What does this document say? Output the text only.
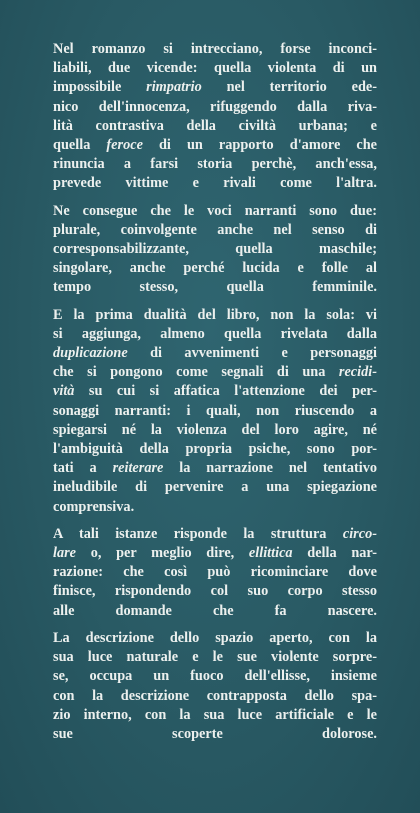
Nel romanzo si intrecciano, forse inconci-
liabili, due vicende: quella violenta di un
impossibile rimpatrio nel territorio ede-
nico dell'innocenza, rifuggendo dalla riva-
lità contrastiva della civiltà urbana; e
quella feroce di un rapporto d'amore che
rinuncia a farsi storia perchè, anch'essa,
prevede vittime e rivali come l'altra.

Ne consegue che le voci narranti sono due:
plurale, coinvolgente anche nel senso di
corresponsabilizzante, quella maschile;
singolare, anche perché lucida e folle al
tempo stesso, quella femminile.

E la prima dualità del libro, non la sola: vi
si aggiunga, almeno quella rivelata dalla
duplicazione di avvenimenti e personaggi
che si pongono come segnali di una recidi-
vità su cui si affatica l'attenzione dei per-
sonaggi narranti: i quali, non riuscendo a
spiegarsi né la violenza del loro agire, né
l'ambiguità della propria psiche, sono por-
tati a reiterare la narrazione nel tentativo
ineludibile di pervenire a una spiegazione
comprensiva.

A tali istanze risponde la struttura circo-
lare o, per meglio dire, ellittica della nar-
razione: che così può ricominciare dove
finisce, rispondendo col suo corpo stesso
alle domande che fa nascere.

La descrizione dello spazio aperto, con la
sua luce naturale e le sue violente sorpre-
se, occupa un fuoco dell'ellisse, insieme
con la descrizione contrapposta dello spa-
zio interno, con la sua luce artificiale e le
sue scoperte dolorose.
